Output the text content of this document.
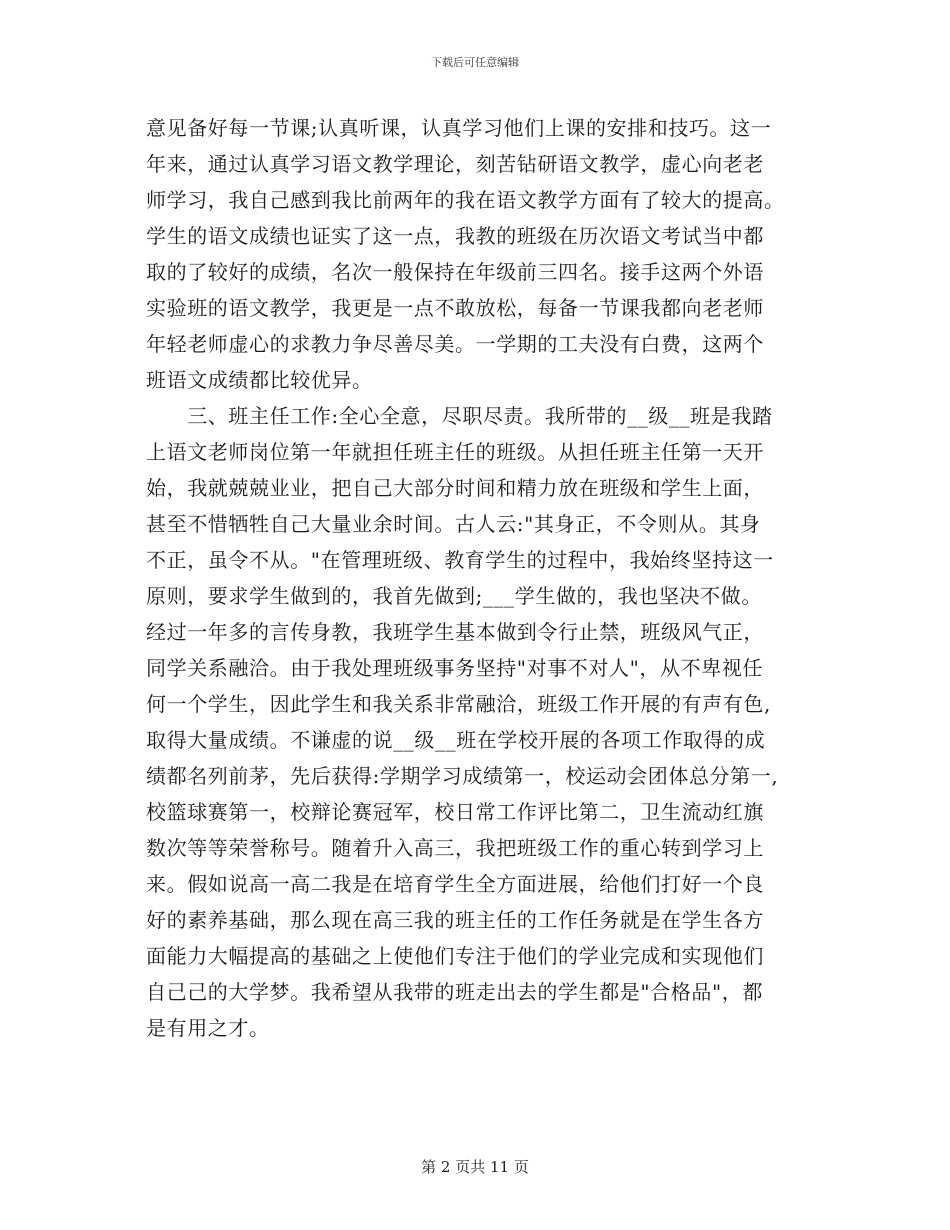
下载后可任意编辑
意见备好每一节课;认真听课，认真学习他们上课的安排和技巧。这一
年来，通过认真学习语文教学理论，刻苦钻研语文教学，虚心向老老
师学习，我自己感到我比前两年的我在语文教学方面有了较大的提高。
学生的语文成绩也证实了这一点，我教的班级在历次语文考试当中都
取的了较好的成绩，名次一般保持在年级前三四名。接手这两个外语
实验班的语文教学，我更是一点不敢放松，每备一节课我都向老老师
年轻老师虚心的求教力争尽善尽美。一学期的工夫没有白费，这两个
班语文成绩都比较优异。
　　三、班主任工作:全心全意，尽职尽责。我所带的__级__班是我踏
上语文老师岗位第一年就担任班主任的班级。从担任班主任第一天开
始，我就兢兢业业，把自己大部分时间和精力放在班级和学生上面，
甚至不惜牺牲自己大量业余时间。古人云:"其身正，不令则从。其身
不正，虽令不从。"在管理班级、教育学生的过程中，我始终坚持这一
原则，要求学生做到的，我首先做到;___学生做的，我也坚决不做。
经过一年多的言传身教，我班学生基本做到令行止禁，班级风气正，
同学关系融洽。由于我处理班级事务坚持"对事不对人"，从不卑视任
何一个学生，因此学生和我关系非常融洽，班级工作开展的有声有色,
取得大量成绩。不谦虚的说__级__班在学校开展的各项工作取得的成
绩都名列前茅，先后获得:学期学习成绩第一，校运动会团体总分第一,
校篮球赛第一，校辩论赛冠军，校日常工作评比第二，卫生流动红旗
数次等等荣誉称号。随着升入高三，我把班级工作的重心转到学习上
来。假如说高一高二我是在培育学生全方面进展，给他们打好一个良
好的素养基础，那么现在高三我的班主任的工作任务就是在学生各方
面能力大幅提高的基础之上使他们专注于他们的学业完成和实现他们
自己己的大学梦。我希望从我带的班走出去的学生都是"合格品"，都
是有用之才。
第 2 页共 11 页
